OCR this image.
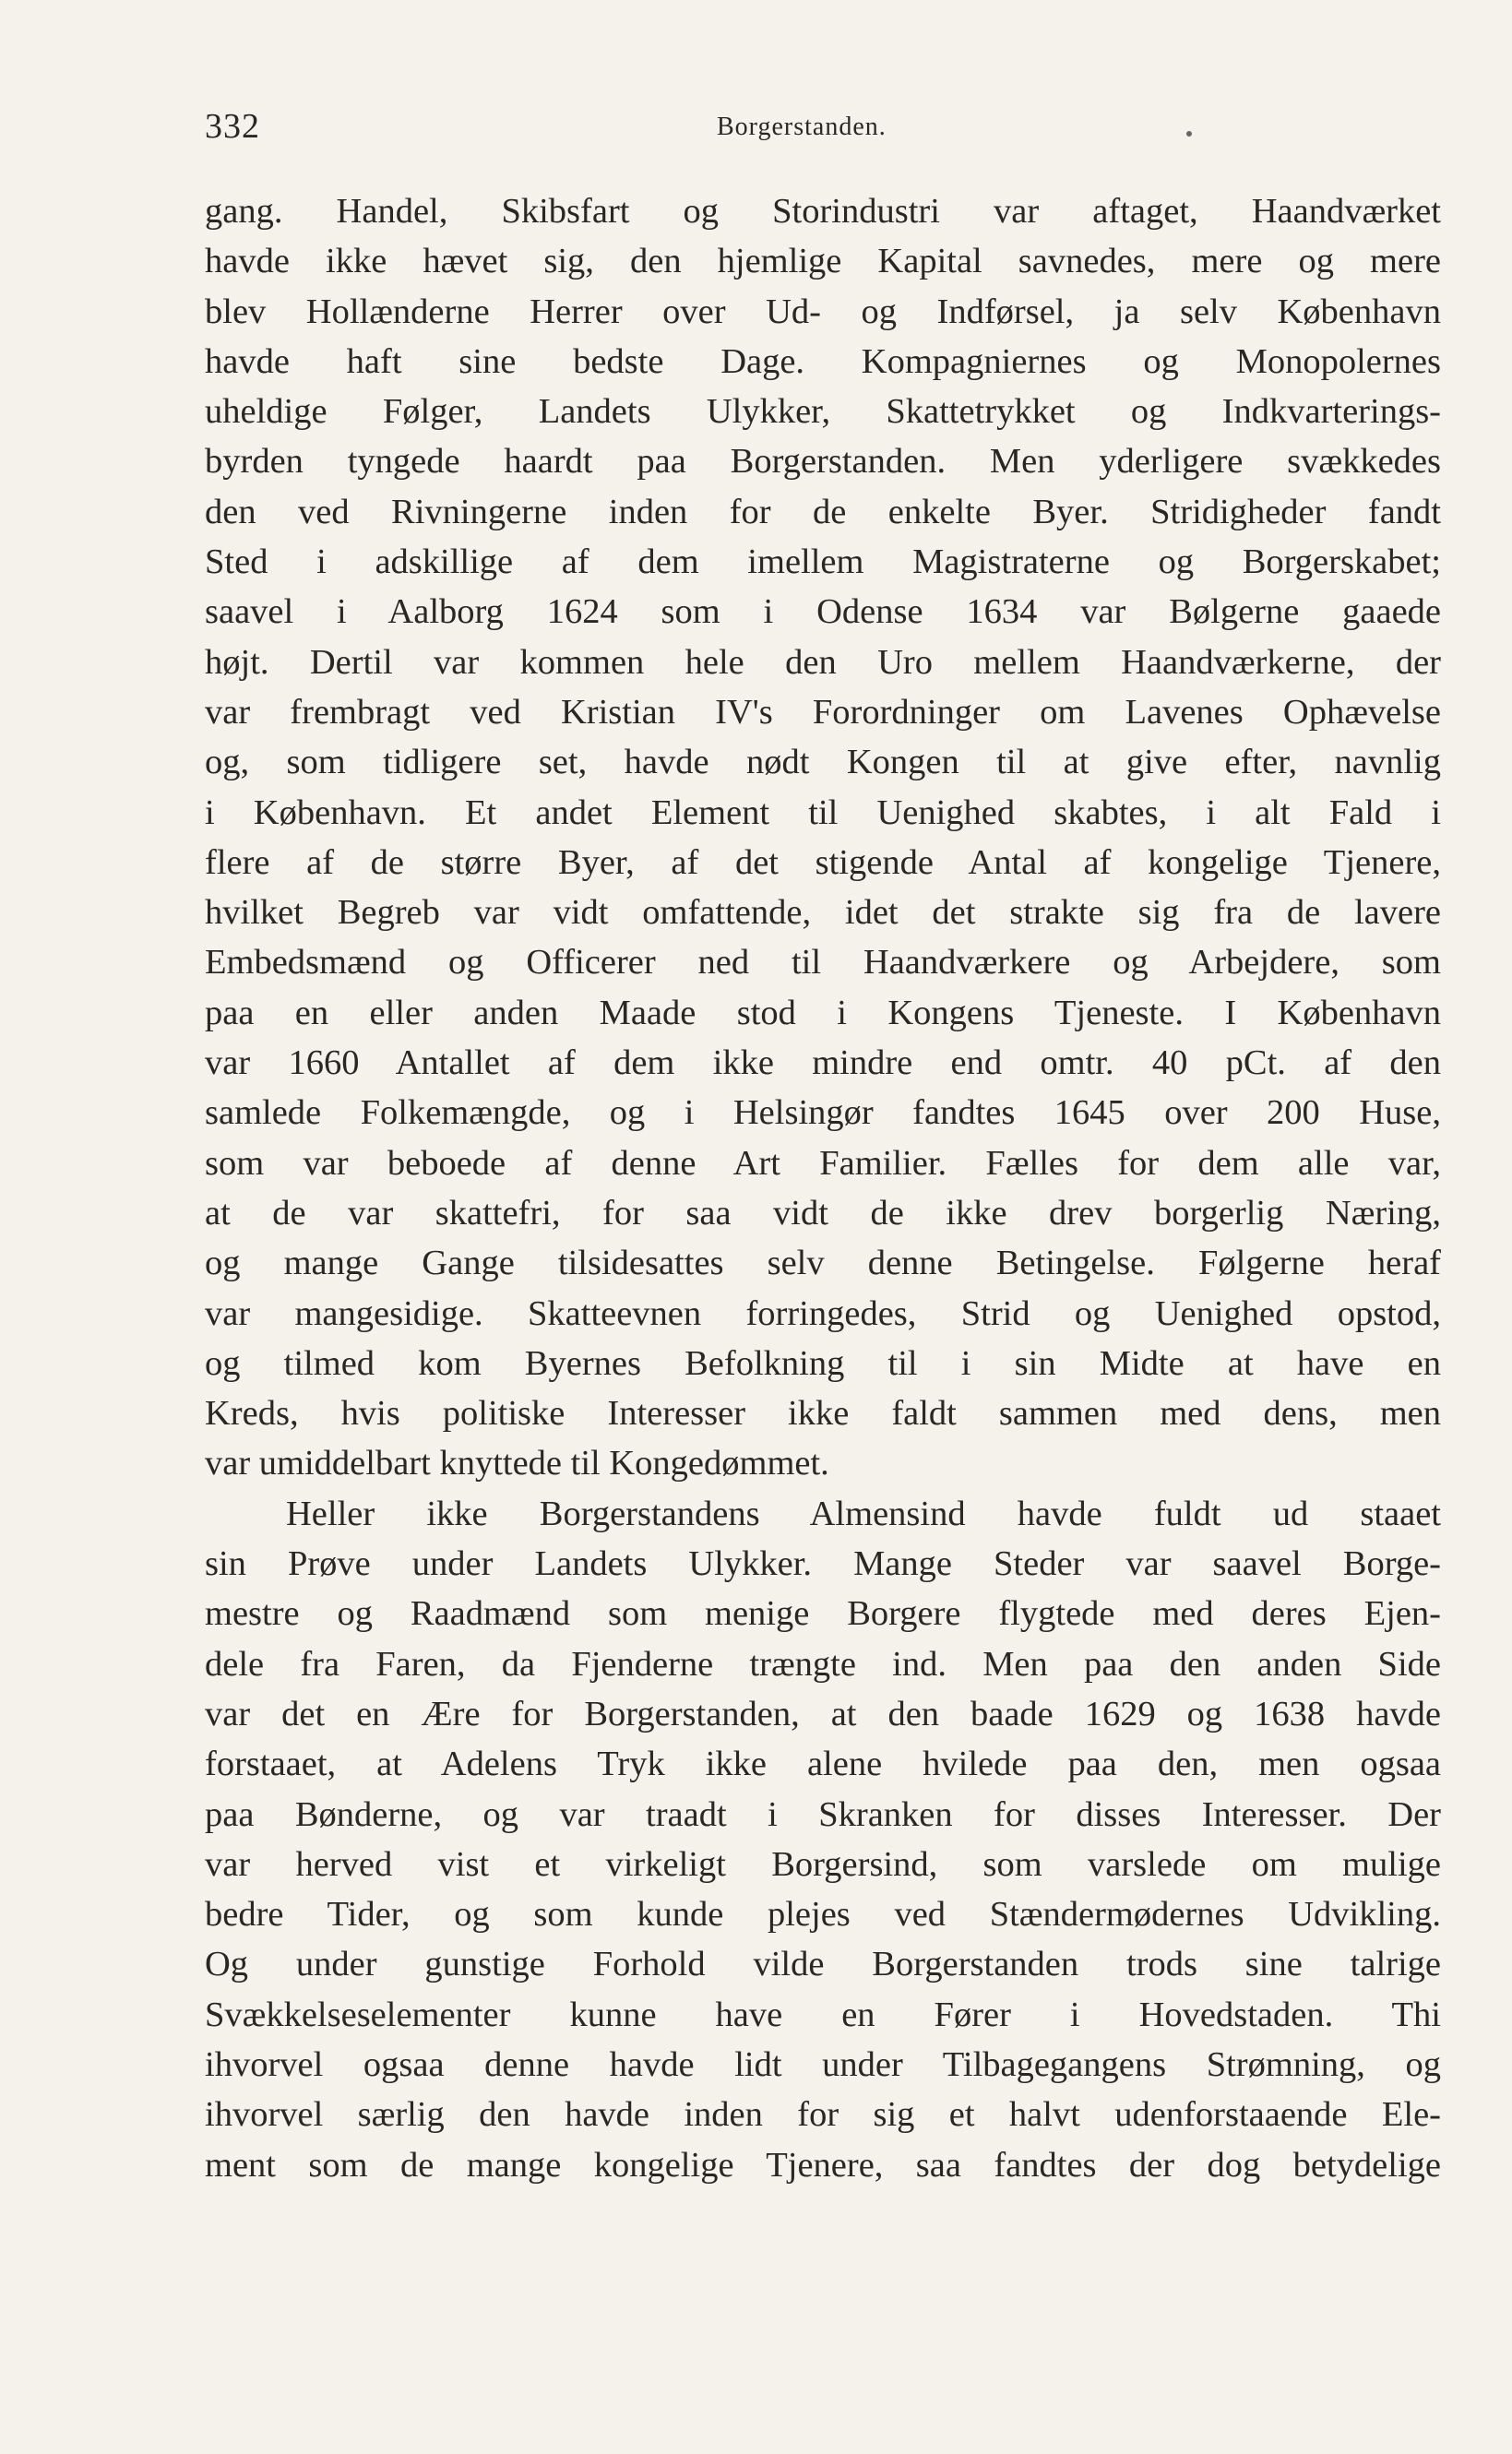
332	Borgerstanden.
gang. Handel, Skibsfart og Storindustri var aftaget, Haandværket
havde ikke hævet sig, den hjemlige Kapital savnedes, mere og mere
blev Hollænderne Herrer over Ud- og Indførsel, ja selv København
havde haft sine bedste Dage. Kompagniernes og Monopolernes
uheldige Følger, Landets Ulykker, Skattetrykket og Indkvarterings-
byrden tyngede haardt paa Borgerstanden. Men yderligere svækkedes
den ved Rivningerne inden for de enkelte Byer. Stridigheder fandt
Sted i adskillige af dem imellem Magistraterne og Borgerskabet;
saavel i Aalborg 1624 som i Odense 1634 var Bølgerne gaaede
højt. Dertil var kommen hele den Uro mellem Haandværkerne, der
var frembragt ved Kristian IV's Forordninger om Lavenes Ophævelse
og, som tidligere set, havde nødt Kongen til at give efter, navnlig
i København. Et andet Element til Uenighed skabtes, i alt Fald i
flere af de større Byer, af det stigende Antal af kongelige Tjenere,
hvilket Begreb var vidt omfattende, idet det strakte sig fra de lavere
Embedsmænd og Officerer ned til Haandværkere og Arbejdere, som
paa en eller anden Maade stod i Kongens Tjeneste. I København
var 1660 Antallet af dem ikke mindre end omtr. 40 pCt. af den
samlede Folkemængde, og i Helsingør fandtes 1645 over 200 Huse,
som var beboede af denne Art Familier. Fælles for dem alle var,
at de var skattefri, for saa vidt de ikke drev borgerlig Næring,
og mange Gange tilsidesattes selv denne Betingelse. Følgerne heraf
var mangesidige. Skatteevnen forringedes, Strid og Uenighed opstod,
og tilmed kom Byernes Befolkning til i sin Midte at have en
Kreds, hvis politiske Interesser ikke faldt sammen med dens, men
var umiddelbart knyttede til Kongedømmet.
Heller ikke Borgerstandens Almensind havde fuldt ud staaet
sin Prøve under Landets Ulykker. Mange Steder var saavel Borge-
mestre og Raadmænd som menige Borgere flygtede med deres Ejen-
dele fra Faren, da Fjenderne trængte ind. Men paa den anden Side
var det en Ære for Borgerstanden, at den baade 1629 og 1638 havde
forstaaet, at Adelens Tryk ikke alene hvilede paa den, men ogsaa
paa Bønderne, og var traadt i Skranken for disses Interesser. Der
var herved vist et virkeligt Borgersind, som varslede om mulige
bedre Tider, og som kunde plejes ved Stændermødernes Udvikling.
Og under gunstige Forhold vilde Borgerstanden trods sine talrige
Svækkelseselementer kunne have en Fører i Hovedstaden. Thi
ihvorvel ogsaa denne havde lidt under Tilbagegangens Strømning, og
ihvorvel særlig den havde inden for sig et halvt udenforstaaende Ele-
ment som de mange kongelige Tjenere, saa fandtes der dog betydelige
